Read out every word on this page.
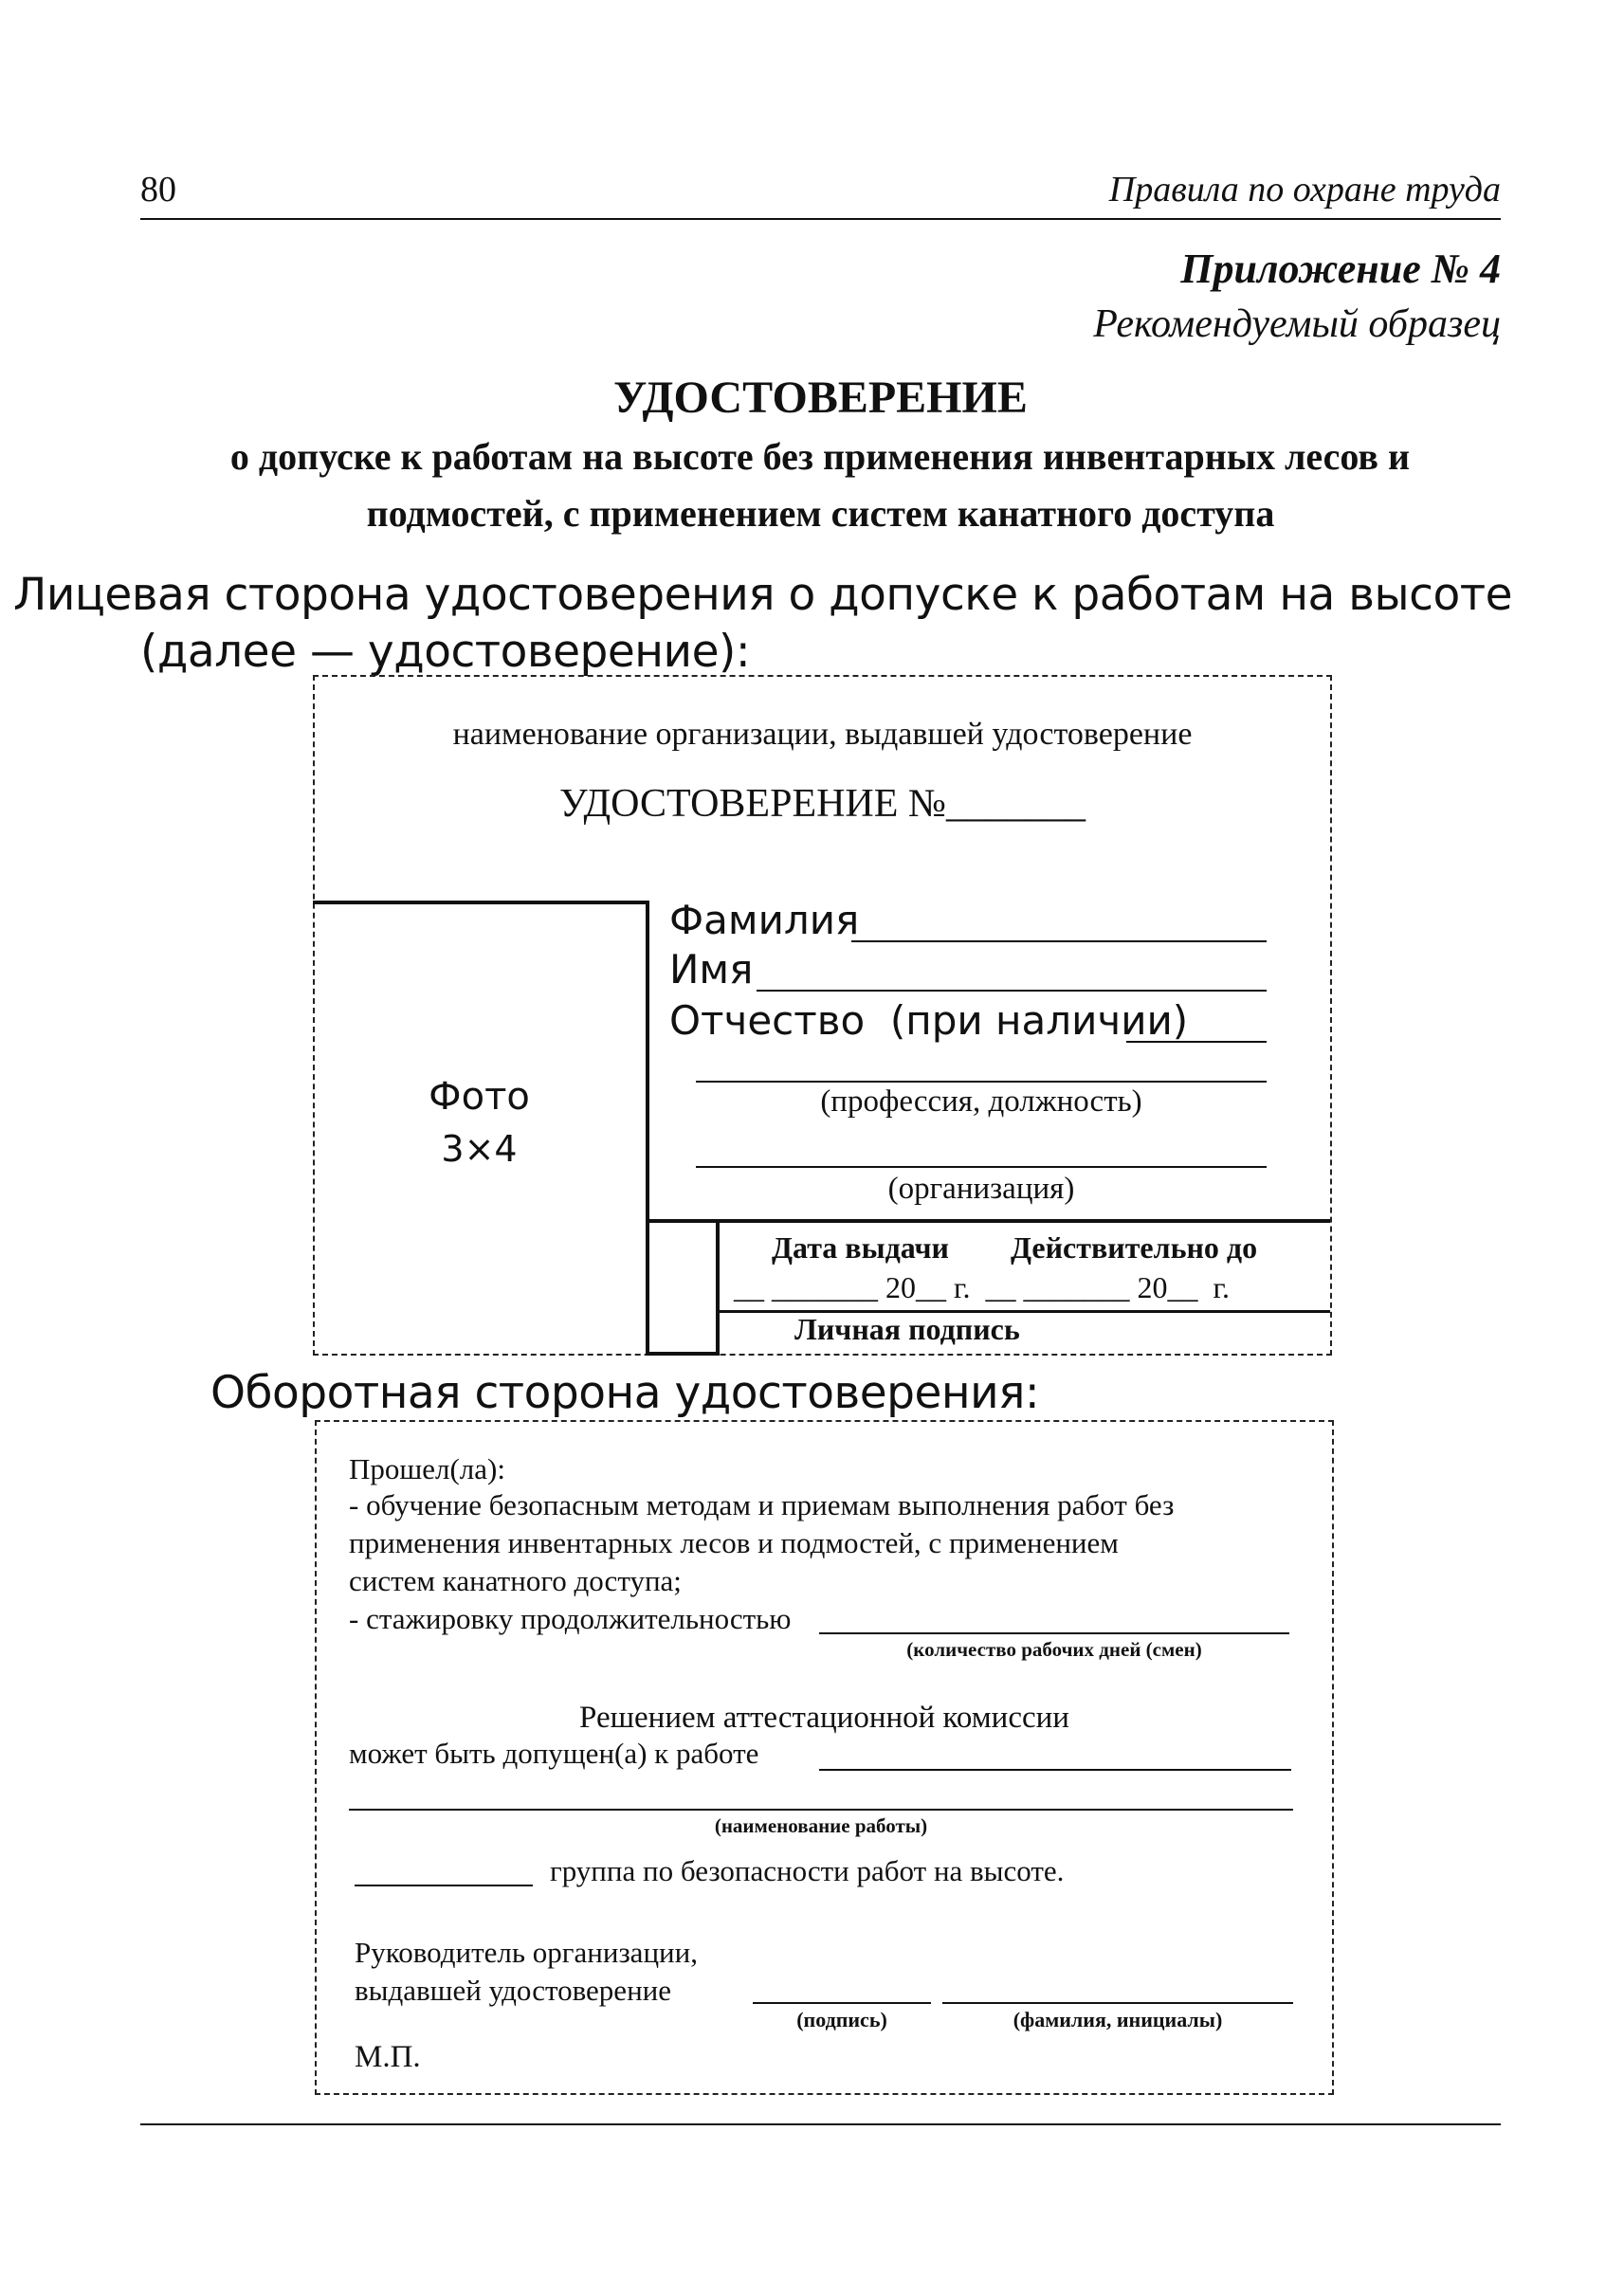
80	Правила по охране труда
Приложение № 4
Рекомендуемый образец
УДОСТОВЕРЕНИЕ
о допуске к работам на высоте без применения инвентарных лесов и
подмостей, с применением систем канатного доступа
Лицевая сторона удостоверения о допуске к работам на высоте
(далее — удостоверение):
наименование организации, выдавшей удостоверение
УДОСТОВЕРЕНИЕ №_______
Фото
3×4
Фамилия
Имя
Отчество  (при наличии)
(профессия, должность)
(организация)
Дата выдачи Действительно до
__ _______ 20__ г.  __ _______ 20__  г.
Личная подпись
Оборотная сторона удостоверения:
Прошел(ла):
- обучение безопасным методам и приемам выполнения работ без
применения инвентарных лесов и подмостей, с применением
систем канатного доступа;
- стажировку продолжительностью
(количество рабочих дней (смен)
Решением аттестационной комиссии
может быть допущен(а) к работе
(наименование работы)
группа по безопасности работ на высоте.
Руководитель организации,
выдавшей удостоверение
(подпись)	(фамилия, инициалы)
М.П.
